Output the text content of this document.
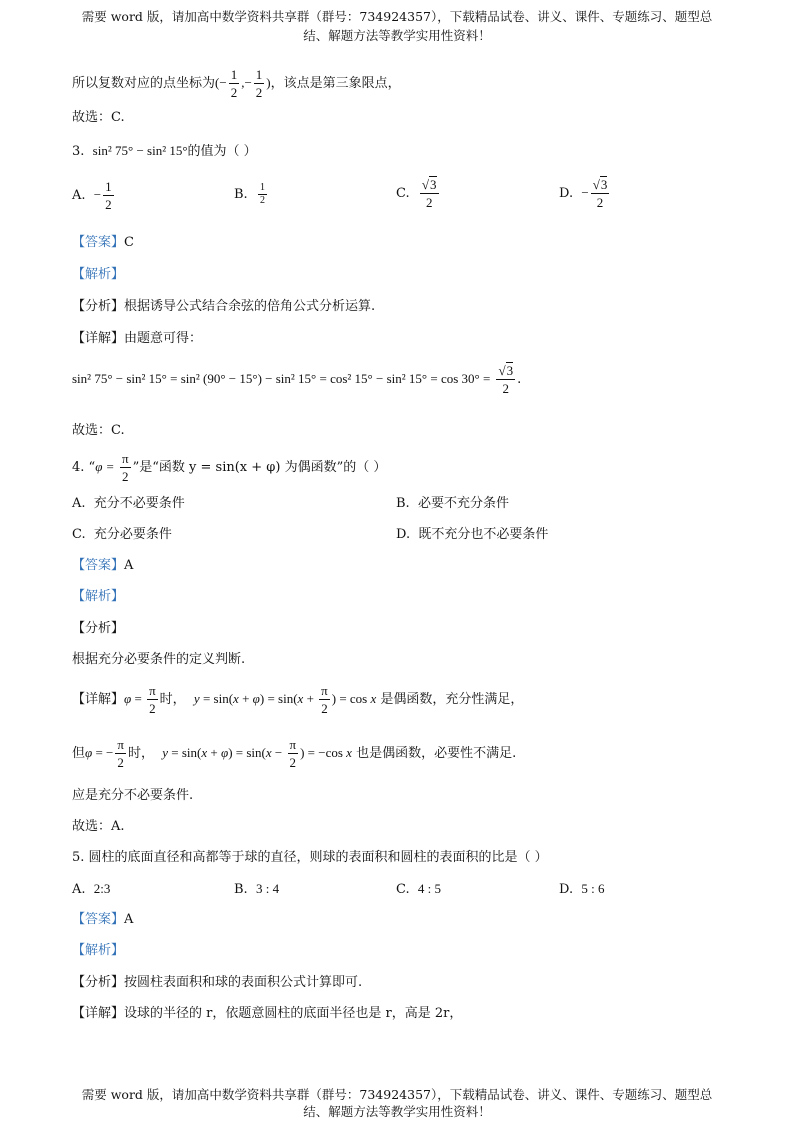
需要 word 版，请加高中数学资料共享群（群号：734924357），下载精品试卷、讲义、课件、专题练习、题型总
结、解题方法等教学实用性资料！
所以复数对应的点坐标为(− $\frac{1}{2}$ ,− $\frac{1}{2}$ )，该点是第三象限点，
故选：C.
3. sin² 75° − sin² 15°的值为（ ）
A. − $\frac{1}{2}$	B. $\frac{1}{2}$	C. $\frac{√3}{2}$	D. − $\frac{√3}{2}$
【答案】C
【解析】
【分析】根据诱导公式结合余弦的倍角公式分析运算.
【详解】由题意可得：
sin² 75° − sin² 15° = sin² (90° − 15°) − sin² 15° = cos² 15° − sin² $15^\circ = \cos 30^\circ = \frac{√3}{2}$ .
故选：C.
4. “$\varphi = \frac{\pi}{2}$ ”是“函数 y = sin(x + φ) 为偶函数”的（ ）
A. 充分不必要条件	B. 必要不充分条件
C. 充分必要条件	D. 既不充分也不必要条件
【答案】A
【解析】
【分析】
根据充分必要条件的定义判断.
【详解】$\varphi = \frac{\pi}{2}$ 时， $y = \sin(x + \varphi) = \sin(x + \frac{\pi}{2}$ ) = cos x 是偶函数，充分性满足，
但φ = − $\frac{\pi}{2}$ 时， $y = \sin(x + \varphi) = \sin(x - \frac{\pi}{2}$ ) = −cos x 也是偶函数，必要性不满足.
应是充分不必要条件.
故选：A.
5. 圆柱的底面直径和高都等于球的直径，则球的表面积和圆柱的表面积的比是（ ）
A. 2:3	B. 3 : 4	C. 4 : 5	D. 5 : 6
【答案】A
【解析】
【分析】按圆柱表面积和球的表面积公式计算即可.
【详解】设球的半径的 r，依题意圆柱的底面半径也是 r，高是 2r，
需要 word 版，请加高中数学资料共享群（群号：734924357），下载精品试卷、讲义、课件、专题练习、题型总
结、解题方法等教学实用性资料！
